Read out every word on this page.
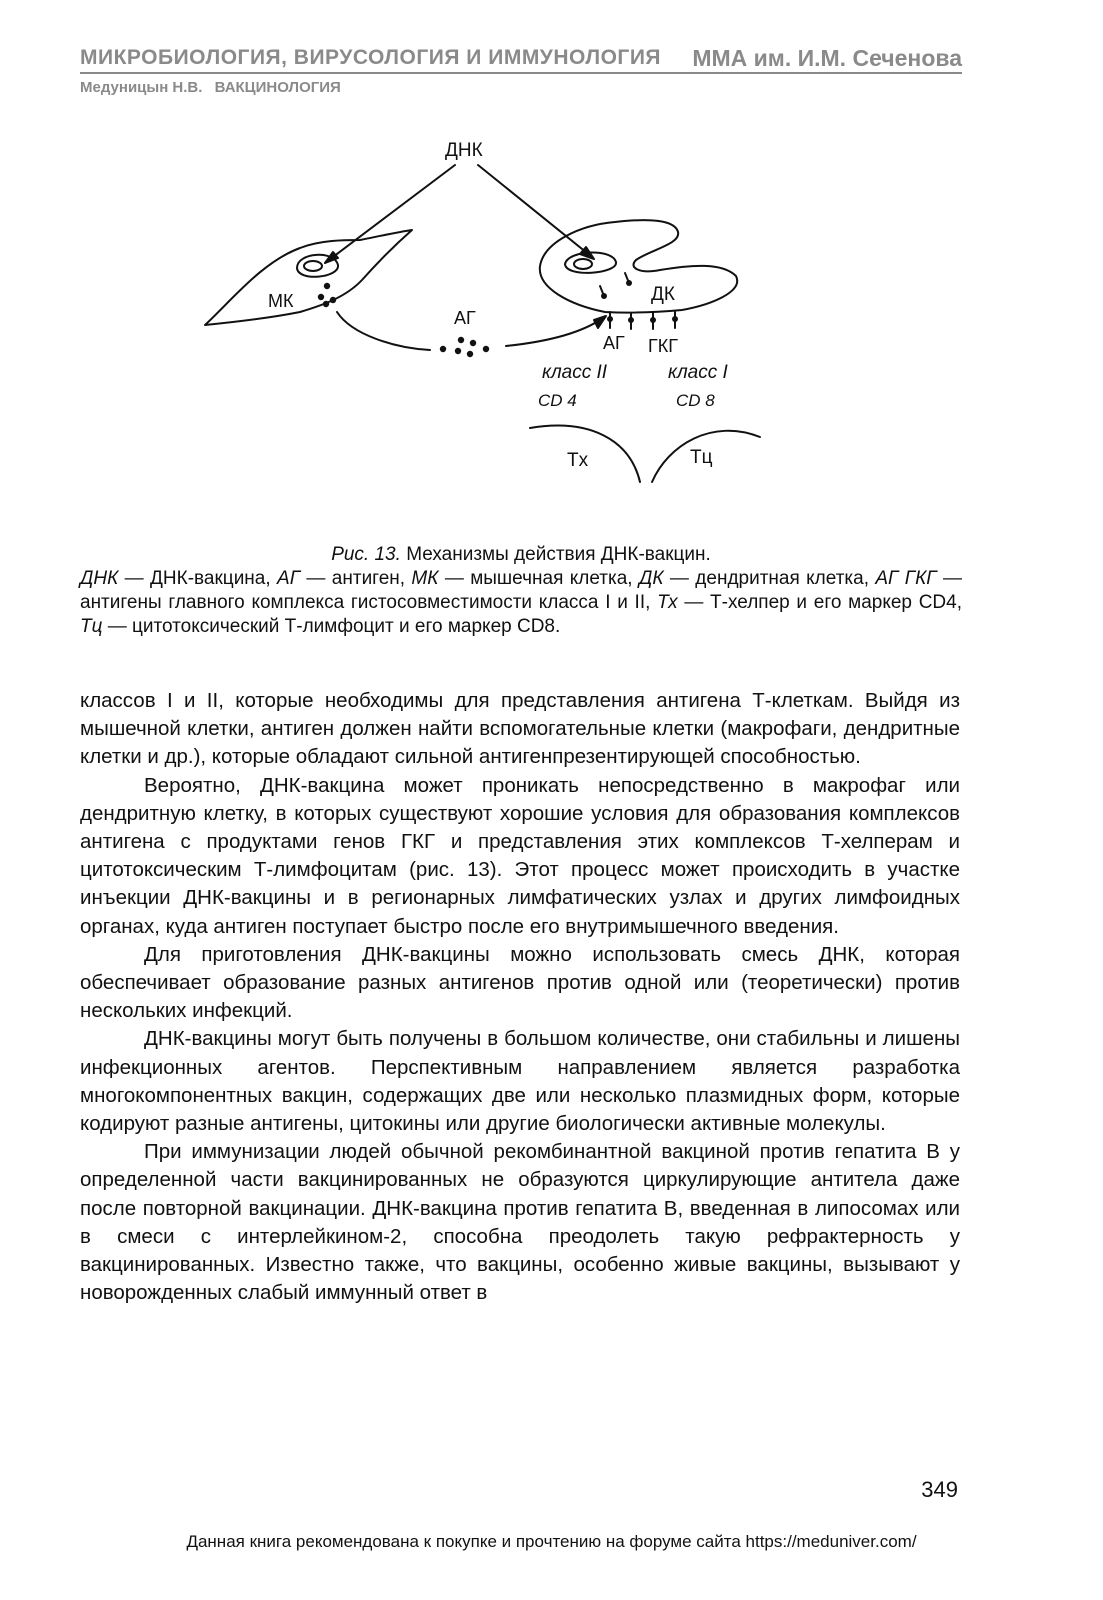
МИКРОБИОЛОГИЯ, ВИРУСОЛОГИЯ И ИММУНОЛОГИЯ ММА им. И.М. Сеченова
Медуницын Н.В. ВАКЦИНОЛОГИЯ
ДНК
МК
АГ
ДК
АГ ГКГ
класс II	класс I
CD 4	CD 8
Тx	Тц
Рис. 13. Механизмы действия ДНК-вакцин.
ДНК — ДНК-вакцина, АГ — антиген, МК — мышечная клетка, ДК — дендритная клетка, АГ ГКГ — антигены главного комплекса гистосовместимости класса I и II, Тх — Т-хелпер и его маркер CD4, Тц — цитотоксический Т-лимфоцит и его маркер CD8.

классов I и II, которые необходимы для представления антигена Т-клеткам. Выйдя из мышечной клетки, антиген должен найти вспомогательные клетки (макрофаги, дендритные клетки и др.), которые обладают сильной антигенпрезентирующей способностью.

Вероятно, ДНК-вакцина может проникать непосредственно в макрофаг или дендритную клетку, в которых существуют хорошие условия для образования комплексов антигена с продуктами генов ГКГ и представления этих комплексов Т-хелперам и цитотоксическим Т-лимфоцитам (рис. 13). Этот процесс может происходить в участке инъекции ДНК-вакцины и в регионарных лимфатических узлах и других лимфоидных органах, куда антиген поступает быстро после его внутримышечного введения.

Для приготовления ДНК-вакцины можно использовать смесь ДНК, которая обеспечивает образование разных антигенов против одной или (теоретически) против нескольких инфекций.

ДНК-вакцины могут быть получены в большом количестве, они стабильны и лишены инфекционных агентов. Перспективным направлением является разработка многокомпонентных вакцин, содержащих две или несколько плазмидных форм, которые кодируют разные антигены, цитокины или другие биологически активные молекулы.

При иммунизации людей обычной рекомбинантной вакциной против гепатита В у определенной части вакцинированных не образуются циркулирующие антитела даже после повторной вакцинации. ДНК-вакцина против гепатита В, введенная в липосомах или в смеси с интерлейкином-2, способна преодолеть такую рефрактерность у вакцинированных. Известно также, что вакцины, особенно живые вакцины, вызывают у новорожденных слабый иммунный ответ в

349
Данная книга рекомендована к покупке и прочтению на форуме сайта https://meduniver.com/
